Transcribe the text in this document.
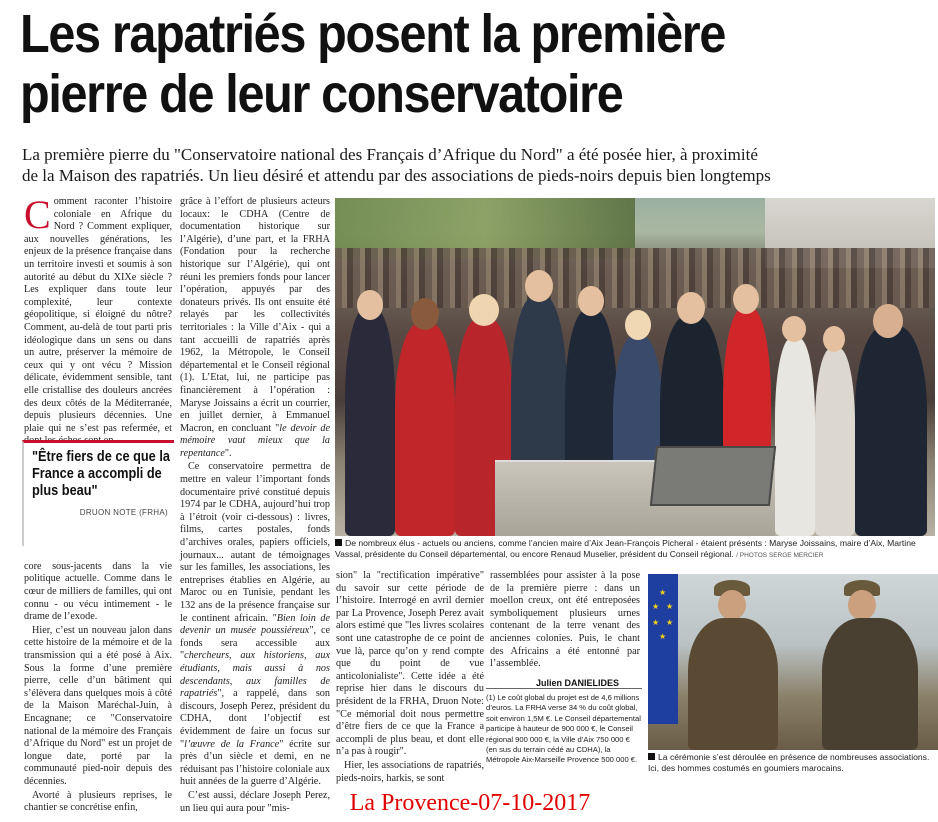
Les rapatriés posent la première
pierre de leur conservatoire
La première pierre du "Conservatoire national des Français d’Afrique du Nord" a été posée hier, à proximité
de la Maison des rapatriés. Un lieu désiré et attendu par des associations de pieds-noirs depuis bien longtemps

Comment raconter l’histoire coloniale en Afrique du Nord ? Comment expliquer, aux nouvelles générations, les enjeux de la présence française dans un territoire investi et soumis à son autorité au début du XIXe siècle ? Les expliquer dans toute leur complexité, leur contexte géopolitique, si éloigné du nôtre? Comment, au-delà de tout parti pris idéologique dans un sens ou dans un autre, préserver la mémoire de ceux qui y ont vécu ? Mission délicate, évidemment sensible, tant elle cristallise des douleurs ancrées des deux côtés de la Méditerranée, depuis plusieurs décennies. Une plaie qui ne s’est pas refermée, et dont les échos sont en

core sous-jacents dans la vie politique actuelle. Comme dans le cœur de milliers de familles, qui ont connu - ou vécu intimement - le drame de l’exode.

Hier, c’est un nouveau jalon dans cette histoire de la mémoire et de la transmission qui a été posé à Aix. Sous la forme d’une première pierre, celle d’un bâtiment qui s’élèvera dans quelques mois à côté de la Maison Maréchal-Juin, à Encagnane; ce "Conservatoire national de la mémoire des Français d’Afrique du Nord" est un projet de longue date, porté par la communauté pied-noir depuis des décennies.

Avorté à plusieurs reprises, le chantier se concrétise enfin,

"Être fiers de ce que la France a accompli de plus beau"
DRUON NOTE (FRHA)

grâce à l’effort de plusieurs acteurs locaux: le CDHA (Centre de documentation historique sur l’Algérie), d’une part, et la FRHA (Fondation pour la recherche historique sur l’Algérie), qui ont réuni les premiers fonds pour lancer l’opération, appuyés par des donateurs privés. Ils ont ensuite été relayés par les collectivités territoriales : la Ville d’Aix - qui a tant accueilli de rapatriés après 1962, la Métropole, le Conseil départemental et le Conseil régional (1). L’Etat, lui, ne participe pas financièrement à l’opération : Maryse Joissains a écrit un courrier, en juillet dernier, à Emmanuel Macron, en concluant "le devoir de mémoire vaut mieux que la repentance".

Ce conservatoire permettra de mettre en valeur l’important fonds documentaire privé constitué depuis 1974 par le CDHA, aujourd’hui trop à l’étroit (voir ci-dessous) : livres, films, cartes postales, fonds d’archives orales, papiers officiels, journaux... autant de témoignages sur les familles, les associations, les entreprises établies en Algérie, au Maroc ou en Tunisie, pendant les 132 ans de la présence française sur le continent africain. "Bien loin de devenir un musée poussiéreux", ce fonds sera accessible aux "chercheurs, aux historiens, aux étudiants, mais aussi à nos descendants, aux familles de rapatriés", a rappelé, dans son discours, Joseph Perez, président du CDHA, dont l’objectif est évidemment de faire un focus sur "l’œuvre de la France" écrite sur près d’un siècle et demi, en ne réduisant pas l’histoire coloniale aux huit années de la guerre d’Algérie.

C’est aussi, déclare Joseph Perez, un lieu qui aura pour "mis-

De nombreux élus - actuels ou anciens, comme l’ancien maire d’Aix Jean-François Picheral - étaient présents : Maryse Joissains, maire d’Aix, Martine Vassal, présidente du Conseil départemental, ou encore Renaud Muselier, président du Conseil régional. / PHOTOS SERGE MERCIER

sion" la "rectification impérative" du savoir sur cette période de l’histoire. Interrogé en avril dernier par La Provence, Joseph Perez avait alors estimé que "les livres scolaires sont une catastrophe de ce point de vue là, parce qu’on y rend compte que du point de vue anticolonialiste". Cette idée a été reprise hier dans le discours du président de la FRHA, Druon Note: "Ce mémorial doit nous permettre d’être fiers de ce que la France a accompli de plus beau, et dont elle n’a pas à rougir".

Hier, les associations de rapatriés, pieds-noirs, harkis, se sont

rassemblées pour assister à la pose de la première pierre : dans un moellon creux, ont été entreposées symboliquement plusieurs urnes contenant de la terre venant des anciennes colonies. Puis, le chant des Africains a été entonné par l’assemblée.

Julien DANIELIDES
(1) Le coût global du projet est de 4,6 millions d’euros. La FRHA verse 34 % du coût global, soit environ 1,5M €. Le Conseil départemental participe à hauteur de 900 000 €, le Conseil régional 900 000 €, la Ville d’Aix 750 000 € (en sus du terrain cédé au CDHA), la Métropole Aix-Marseille Provence 500 000 €.
★
★ ★
★ ★
★
La cérémonie s’est déroulée en présence de nombreuses associations. Ici, des hommes costumés en goumiers marocains.
La Provence-07-10-2017
